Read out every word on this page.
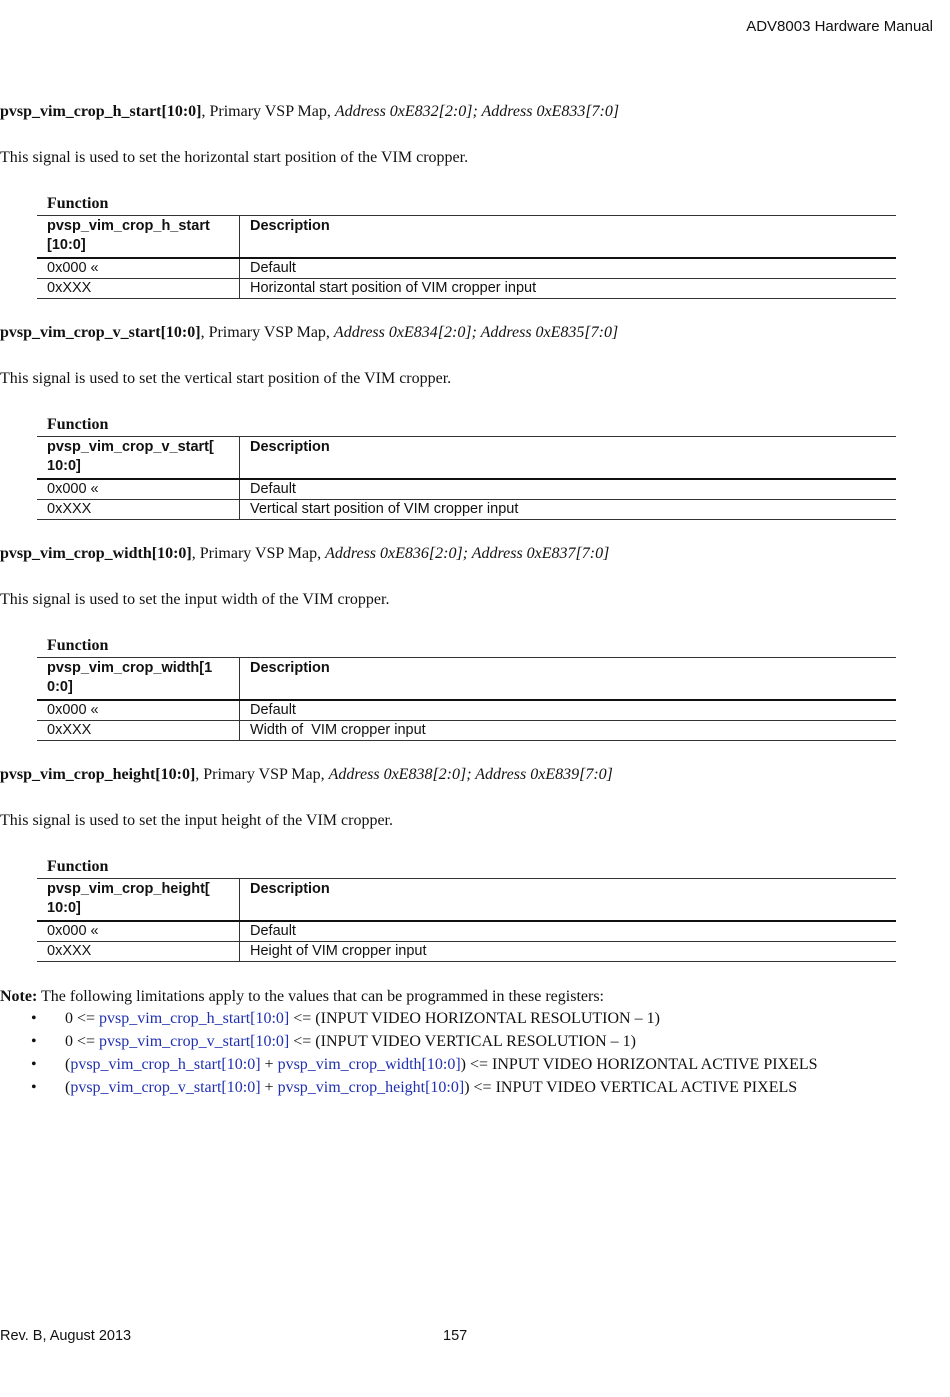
ADV8003 Hardware Manual
pvsp_vim_crop_h_start[10:0], Primary VSP Map, Address 0xE832[2:0]; Address 0xE833[7:0]
This signal is used to set the horizontal start position of the VIM cropper.
Function
pvsp_vim_crop_h_start
[10:0]	Description
0x000 «	Default
0xXXX	Horizontal start position of VIM cropper input
pvsp_vim_crop_v_start[10:0], Primary VSP Map, Address 0xE834[2:0]; Address 0xE835[7:0]
This signal is used to set the vertical start position of the VIM cropper.
Function
pvsp_vim_crop_v_start[
10:0]	Description
0x000 «	Default
0xXXX	Vertical start position of VIM cropper input
pvsp_vim_crop_width[10:0], Primary VSP Map, Address 0xE836[2:0]; Address 0xE837[7:0]
This signal is used to set the input width of the VIM cropper.
Function
pvsp_vim_crop_width[1
0:0]	Description
0x000 «	Default
0xXXX	Width of  VIM cropper input
pvsp_vim_crop_height[10:0], Primary VSP Map, Address 0xE838[2:0]; Address 0xE839[7:0]
This signal is used to set the input height of the VIM cropper.
Function
pvsp_vim_crop_height[
10:0]	Description
0x000 «	Default
0xXXX	Height of VIM cropper input
Note: The following limitations apply to the values that can be programmed in these registers:
• 0 <= pvsp_vim_crop_h_start[10:0] <= (INPUT VIDEO HORIZONTAL RESOLUTION – 1)
• 0 <= pvsp_vim_crop_v_start[10:0] <= (INPUT VIDEO VERTICAL RESOLUTION – 1)
• (pvsp_vim_crop_h_start[10:0] + pvsp_vim_crop_width[10:0]) <= INPUT VIDEO HORIZONTAL ACTIVE PIXELS
• (pvsp_vim_crop_v_start[10:0] + pvsp_vim_crop_height[10:0]) <= INPUT VIDEO VERTICAL ACTIVE PIXELS
Rev. B, August 2013	157
